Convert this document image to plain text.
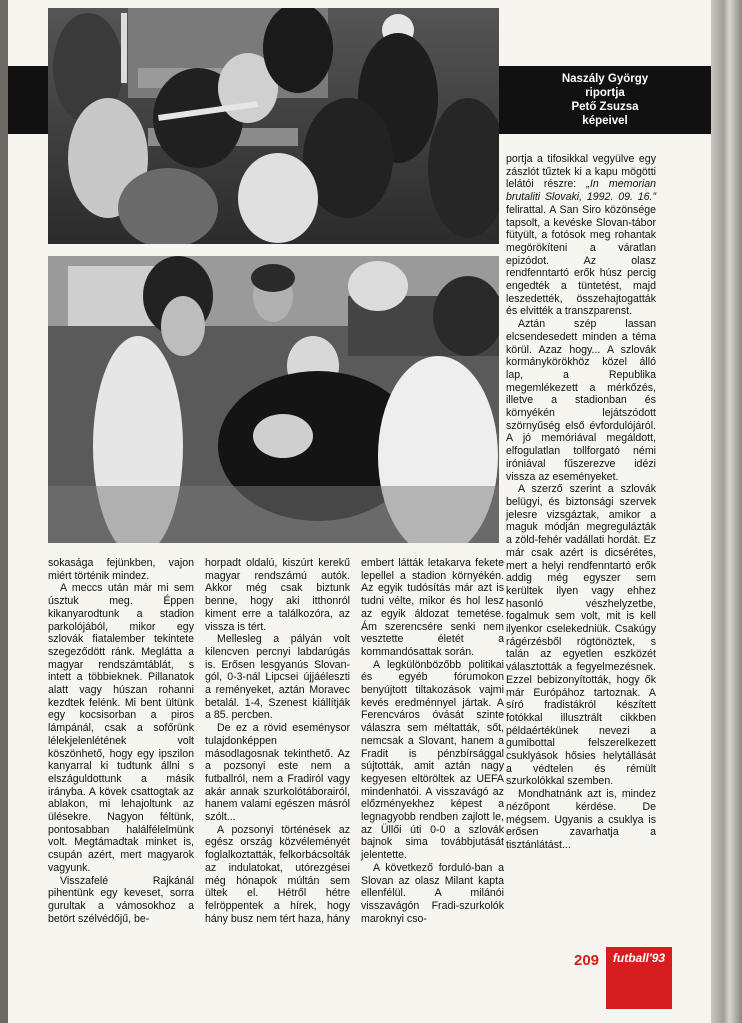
Naszály György
riportja
Pető Zsuzsa
képeivel

sokasága fejünkben, vajon miért történik mindez.

A meccs után már mi sem úsztuk meg. Éppen kikanyarodtunk a stadion parkolójából, mikor egy szlovák fiatalember tekintete szegeződött ránk. Meglátta a magyar rendszámtáblát, s intett a többieknek. Pillanatok alatt vagy húszan rohanni kezdtek felénk. Mi bent ültünk egy kocsisorban a piros lámpánál, csak a sofőrünk lélekjelenlétének volt köszönhető, hogy egy ipszilon kanyarral ki tudtunk állni s elszáguldottunk a másik irányba. A kövek csattogtak az ablakon, mi lehajoltunk az ülésekre. Nagyon féltünk, pontosabban halálfélelmünk volt. Megtámadtak minket is, csupán azért, mert magyarok vagyunk.

Visszafelé Rajkánál pihentünk egy keveset, sorra gurultak a vámosokhoz a betört szélvédőjű, be-

horpadt oldalú, kiszúrt kerekű magyar rendszámú autók. Akkor még csak biztunk benne, hogy aki itthonról kiment erre a találkozóra, az vissza is tért.

Mellesleg a pályán volt kilencven percnyi labdarúgás is. Erősen lesgyanús Slovan-gól, 0-3-nál Lipcsei újjáéleszti a reményeket, aztán Moravec betalál. 1-4, Szenest kiállítják a 85. percben.

De ez a rövid eseménysor tulajdonképpen másodlagosnak tekinthető. Az a pozsonyi este nem a futballról, nem a Fradiról vagy akár annak szurkolótáborairól, hanem valami egészen másról szólt...

A pozsonyi történések az egész ország közvéleményét foglalkoztatták, felkorbácsolták az indulatokat, utórezgései még hónapok múltán sem ültek el. Hétről hétre felröppentek a hírek, hogy hány busz nem tért haza, hány

embert látták letakarva fekete lepellel a stadion környékén. Az egyik tudósítás már azt is tudni vélte, mikor és hol lesz az egyik áldozat temetése. Ám szerencsére senki nem vesztette életét a kommandósattak során.

A legkülönbözőbb politikai és egyéb fórumokon benyújtott tiltakozások vajmi kevés eredménnyel jártak. A Ferencváros óvását szinte válaszra sem méltatták, sőt, nemcsak a Slovant, hanem a Fradit is pénzbírsággal sújtották, amit aztán nagy kegyesen eltöröltek az UEFA mindenhatói. A visszavágó az előzményekhez képest a legnagyobb rendben zajlott le, az Üllői úti 0-0 a szlovák bajnok sima továbbjutását jelentette.

A következő forduló-ban a Slovan az olasz Milant kapta ellenfélül. A milánói visszavágón Fradi-szurkolók maroknyi cso-

portja a tifosikkal vegyülve egy zászlót tűztek ki a kapu mögötti lelátói részre: „In memorian brutaliti Slovaki, 1992. 09. 16.” felirattal. A San Siro közönsége tapsolt, a kevéske Slovan-tábor fütyült, a fotósok meg rohantak megörökíteni a váratlan epizódot. Az olasz rendfenntartó erők húsz percig engedték a tüntetést, majd leszedették, összehajtogatták és elvitték a transzparenst.

Aztán szép lassan elcsendesedett minden a téma körül. Azaz hogy... A szlovák kormánykörökhöz közel álló lap, a Republika megemlékezett a mérkőzés, illetve a stadionban és környékén lejátszódott szörnyűség első évfordulójáról. A jó memóriával megáldott, elfogulatlan tollforgató némi iróniával fűszerezve idézi vissza az eseményeket.

A szerző szerint a szlovák belügyi, és biztonsági szervek jelesre vizsgáztak, amikor a maguk módján megregulázták a zöld-fehér vadállati hordát. Ez már csak azért is dicsérétes, mert a helyi rendfenntartó erők addig még egyszer sem kerültek ilyen vagy ehhez hasonló vészhelyzetbe, fogalmuk sem volt, mit is kell ilyenkor cselekedniük. Csakúgy rágérzésből rögtönöztek, s talán az egyetlen eszközét választották a fegyelmezésnek. Ezzel bebizonyították, hogy ők már Európához tartoznak. A síró fradistákról készített fotókkal illusztrált cikkben példaértékünek nevezi a gumibottal felszerelkezett csuklyások hősies helytállását a védtelen és rémült szurkolókkal szemben.

Mondhatnánk azt is, mindez nézőpont kérdése. De mégsem. Ugyanis a csuklya is erősen zavarhatja a tisztánlátást...

209	futball'93
